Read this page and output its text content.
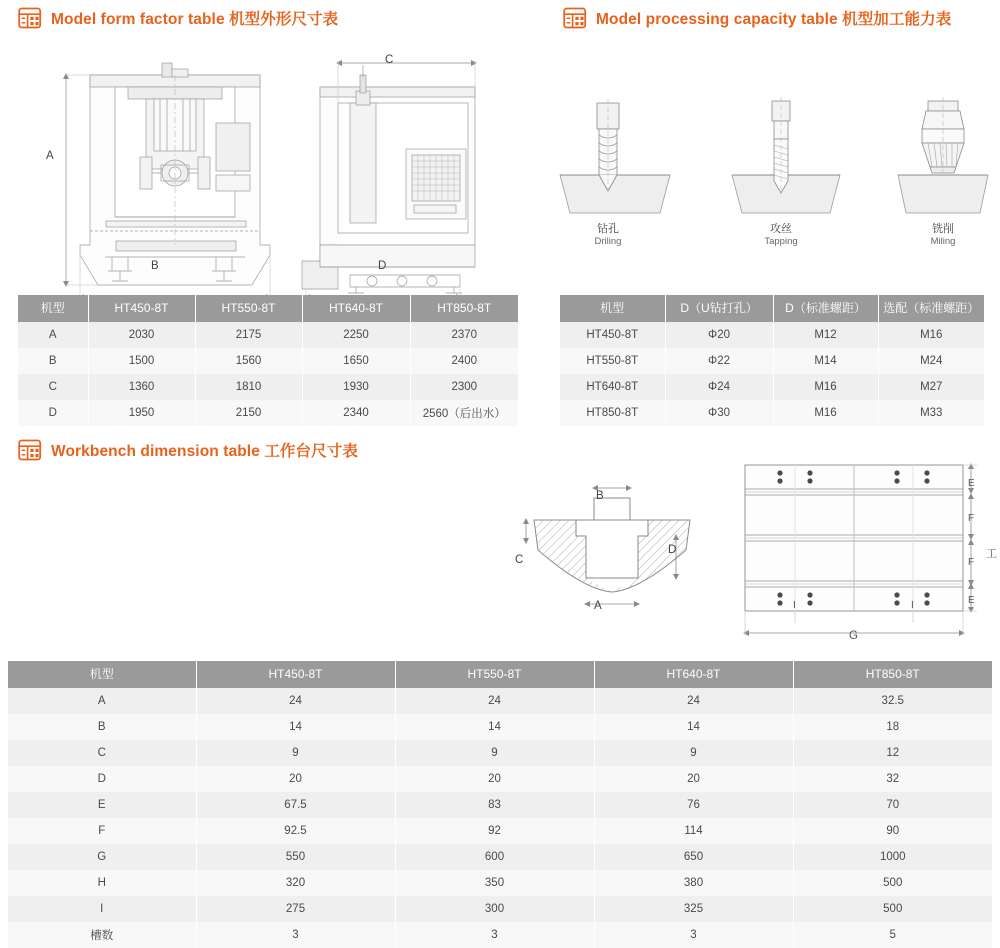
Model form factor table 机型外形尺寸表	Model processing capacity table 机型加工能力表
A
B
C
D
钻孔
Driling
攻丝
Tapping
铣削
Miling
机型	HT450-8T	HT550-8T	HT640-8T	HT850-8T
A	2030	2175	2250	2370
B	1500	1560	1650	2400
C	1360	1810	1930	2300
D	1950	2150	2340	2560（后出水）
机型	D（U钻打孔）	D（标准螺距）	选配（标准螺距）
HT450-8T	Φ20	M12	M16
HT550-8T	Φ22	M14	M24
HT640-8T	Φ24	M16	M27
HT850-8T	Φ30	M16	M33
Workbench dimension table 工作台尺寸表
B
C
D
A
E
F
F
E
G
I	I
工
机型	HT450-8T	HT550-8T	HT640-8T	HT850-8T
A	24	24	24	32.5
B	14	14	14	18
C	9	9	9	12
D	20	20	20	32
E	67.5	83	76	70
F	92.5	92	114	90
G	550	600	650	1000
H	320	350	380	500
I	275	300	325	500
槽数	3	3	3	5
